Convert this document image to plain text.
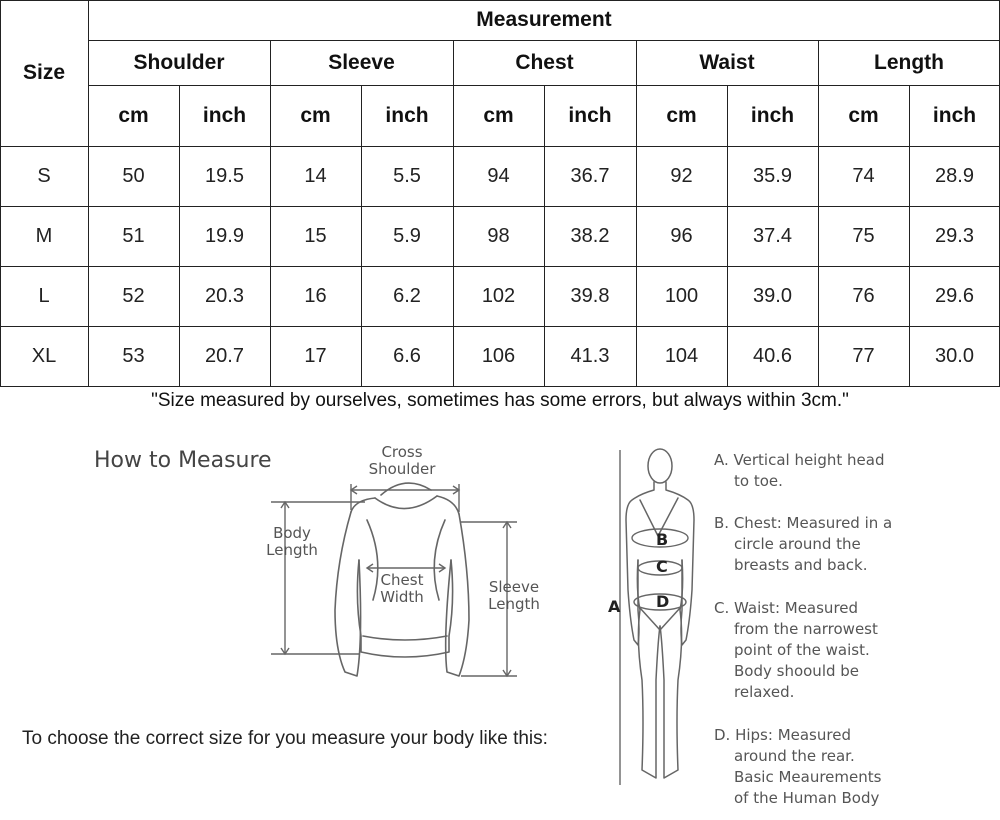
Size
Measurement
Shoulder
cm	inch
Sleeve
cm	inch
Chest
cm	inch
Waist
cm	inch
Length
cm	inch
S	50	19.5	14	5.5	94	36.7	92	35.9	74	28.9
M	51	19.9	15	5.9	98	38.2	96	37.4	75	29.3
L	52	20.3	16	6.2	102	39.8	100	39.0	76	29.6
XL	53	20.7	17	6.6	106	41.3	104	40.6	77	30.0
"Size measured by ourselves, sometimes has some errors, but always within 3cm."
How to Measure	Cross
Shoulder
Body
Length
Chest
Width
Sleeve
Length
To choose the correct size for you measure your body like this:
A
B
C
D
A. Vertical height head
to toe.
B. Chest: Measured in a
circle around the
breasts and back.
C. Waist: Measured
from the narrowest
point of the waist.
Body shoould be
relaxed.
D. Hips: Measured
around the rear.
Basic Meaurements
of the Human Body
